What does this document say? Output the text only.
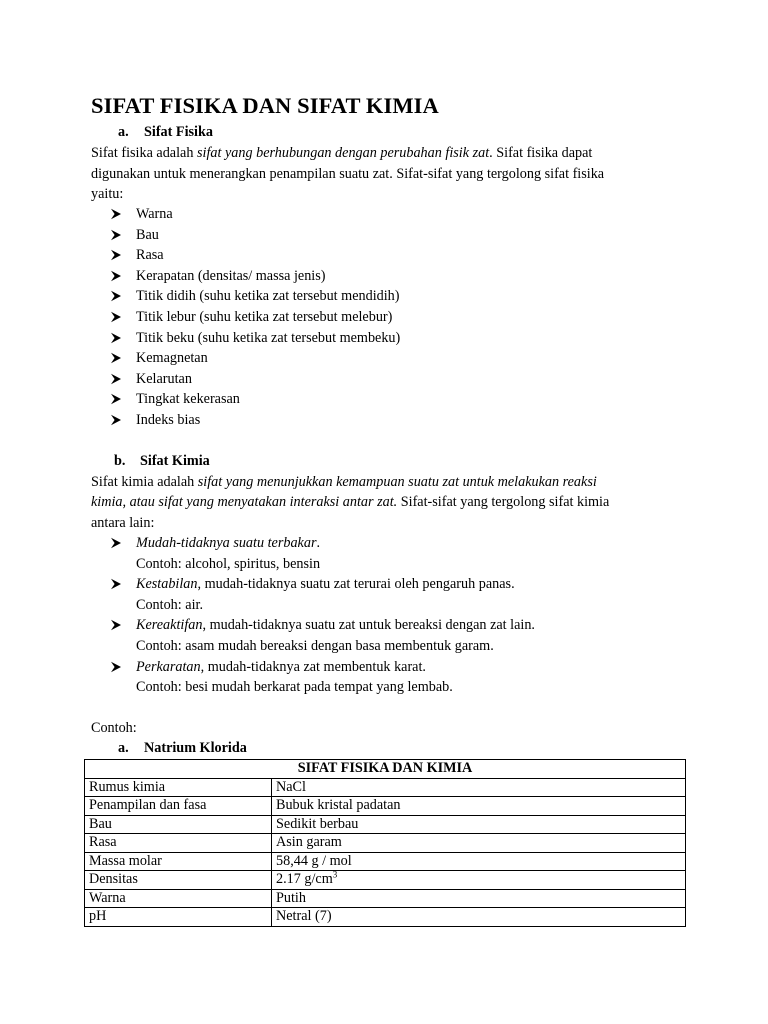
SIFAT FISIKA DAN SIFAT KIMIA
a. Sifat Fisika
Sifat fisika adalah sifat yang berhubungan dengan perubahan fisik zat. Sifat fisika dapat
digunakan untuk menerangkan penampilan suatu zat. Sifat-sifat yang tergolong sifat fisika
yaitu:
Warna
Bau
Rasa
Kerapatan (densitas/ massa jenis)
Titik didih (suhu ketika zat tersebut mendidih)
Titik lebur (suhu ketika zat tersebut melebur)
Titik beku (suhu ketika zat tersebut membeku)
Kemagnetan
Kelarutan
Tingkat kekerasan
Indeks bias
b. Sifat Kimia
Sifat kimia adalah sifat yang menunjukkan kemampuan suatu zat untuk melakukan reaksi
kimia, atau sifat yang menyatakan interaksi antar zat. Sifat-sifat yang tergolong sifat kimia
antara lain:
Mudah-tidaknya suatu terbakar.
Contoh: alcohol, spiritus, bensin
Kestabilan, mudah-tidaknya suatu zat terurai oleh pengaruh panas.
Contoh: air.
Kereaktifan, mudah-tidaknya suatu zat untuk bereaksi dengan zat lain.
Contoh: asam mudah bereaksi dengan basa membentuk garam.
Perkaratan, mudah-tidaknya zat membentuk karat.
Contoh: besi mudah berkarat pada tempat yang lembab.
Contoh:
a. Natrium Klorida
SIFAT FISIKA DAN KIMIA	
Rumus kimia	NaCl
Penampilan dan fasa	Bubuk kristal padatan
Bau	Sedikit berbau
Rasa	Asin garam
Massa molar	58,44 g / mol
Densitas	2.17 $g/cm^3$
Warna	Putih
pH	Netral (7)
